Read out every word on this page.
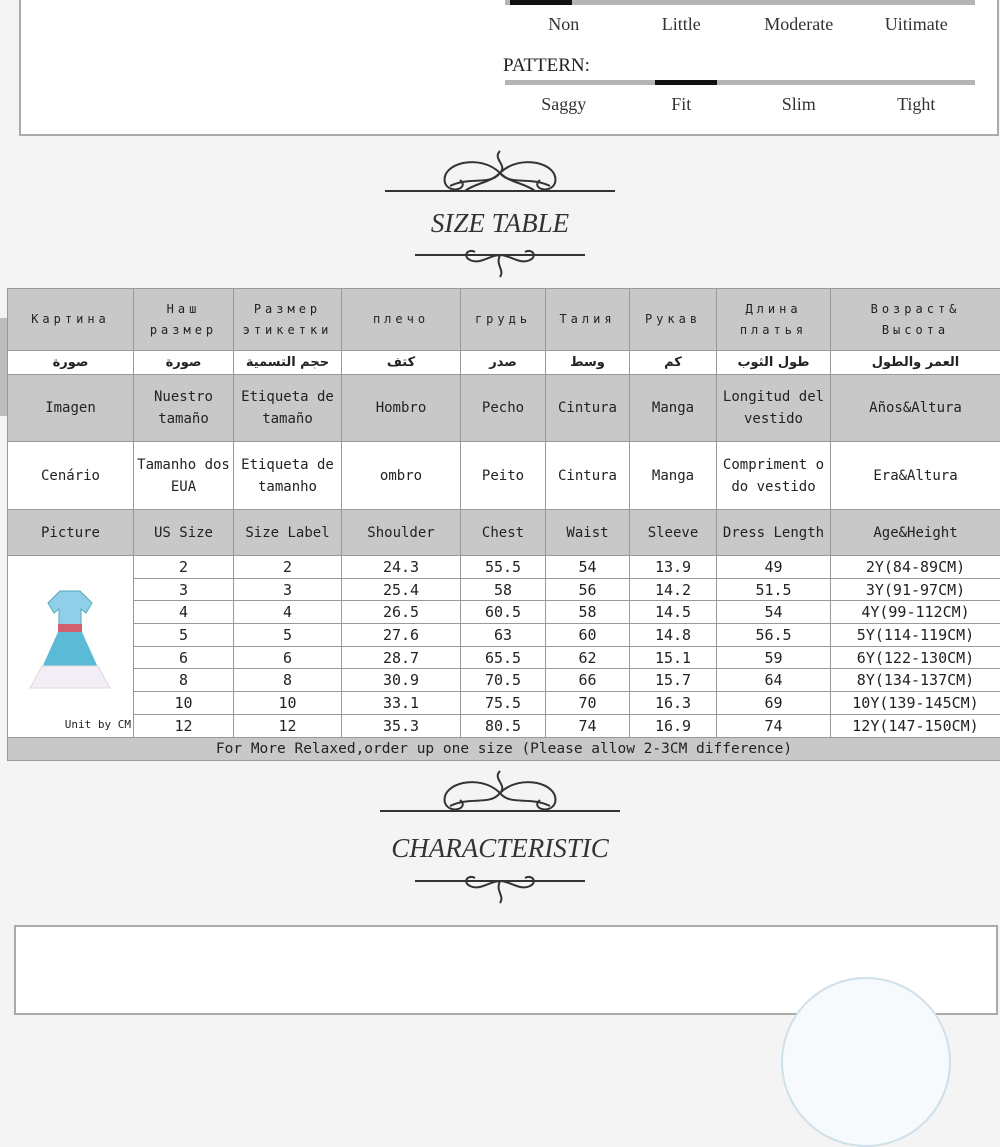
Non	Little	Moderate	Uitimate
PATTERN:
Saggy	Fit	Slim	Tight
SIZE TABLE
Картина	Наш размер	Размер этикетки	плечо	грудь	Талия	Рукав	Длина платья	Возраст& Высота
صورة	صورة	حجم التسمية	كتف	صدر	وسط	كم	طول الثوب	العمر والطول
Imagen	Nuestro tamaño	Etiqueta de tamaño	Hombro	Pecho	Cintura	Manga	Longitud del vestido	Años&Altura
Cenário	Tamanho dos EUA	Etiqueta de tamanho	ombro	Peito	Cintura	Manga	Compriment o do vestido	Era&Altura
Picture	US Size	Size Label	Shoulder	Chest	Waist	Sleeve	Dress Length	Age&Height

Unit by CM	2	2	24.3	55.5	54	13.9	49	2Y(84-89CM)
	3	3	25.4	58	56	14.2	51.5	3Y(91-97CM)
	4	4	26.5	60.5	58	14.5	54	4Y(99-112CM)
	5	5	27.6	63	60	14.8	56.5	5Y(114-119CM)
	6	6	28.7	65.5	62	15.1	59	6Y(122-130CM)
	8	8	30.9	70.5	66	15.7	64	8Y(134-137CM)
	10	10	33.1	75.5	70	16.3	69	10Y(139-145CM)
	12	12	35.3	80.5	74	16.9	74	12Y(147-150CM)
For More Relaxed,order up one size (Please allow 2-3CM difference)								
CHARACTERISTIC
